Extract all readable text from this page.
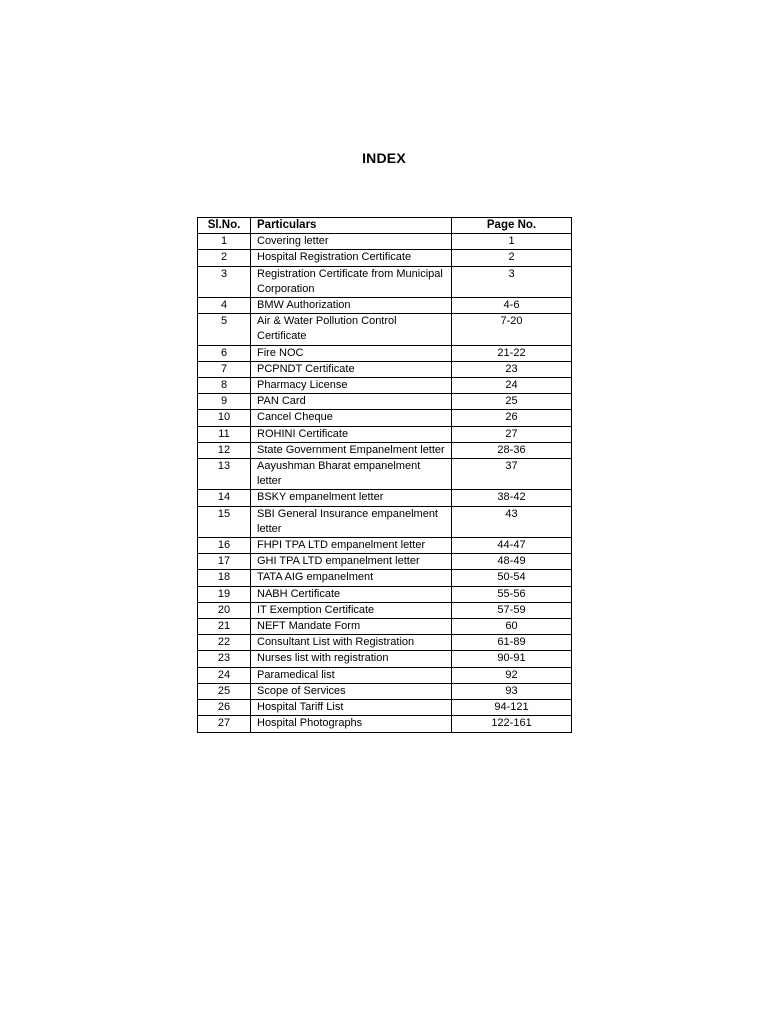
INDEX
Sl.No.	Particulars	Page No.
1	Covering letter	1
2	Hospital Registration Certificate	2
3	Registration Certificate from Municipal Corporation	3
4	BMW Authorization	4-6
5	Air & Water Pollution Control Certificate	7-20
6	Fire NOC	21-22
7	PCPNDT Certificate	23
8	Pharmacy License	24
9	PAN Card	25
10	Cancel Cheque	26
11	ROHINI Certificate	27
12	State Government Empanelment letter	28-36
13	Aayushman Bharat empanelment letter	37
14	BSKY empanelment letter	38-42
15	SBI General Insurance empanelment letter	43
16	FHPI TPA LTD empanelment letter	44-47
17	GHI TPA LTD empanelment letter	48-49
18	TATA AIG empanelment	50-54
19	NABH Certificate	55-56
20	IT Exemption Certificate	57-59
21	NEFT Mandate Form	60
22	Consultant List with Registration	61-89
23	Nurses list with registration	90-91
24	Paramedical list	92
25	Scope of Services	93
26	Hospital Tariff List	94-121
27	Hospital Photographs	122-161
